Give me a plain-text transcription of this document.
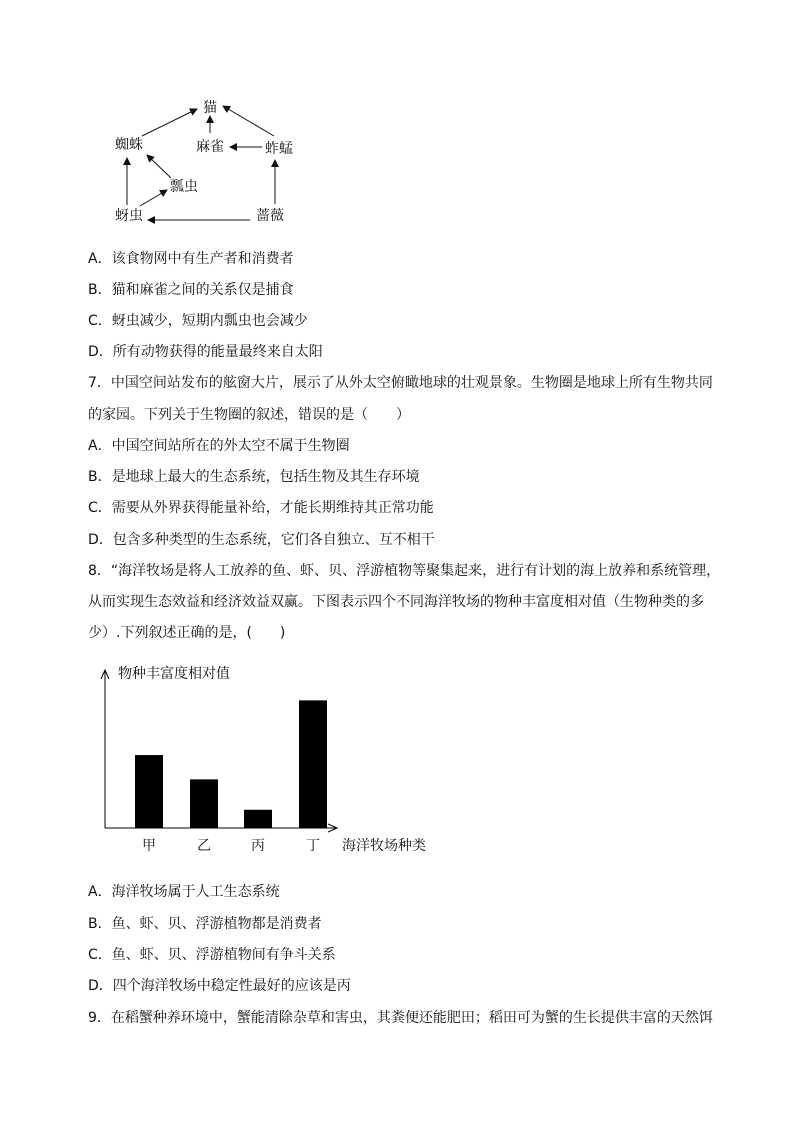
猫
蜘蛛	麻雀	蚱蜢
瓢虫
蚜虫	蔷薇
A．该食物网中有生产者和消费者
B．猫和麻雀之间的关系仅是捕食
C．蚜虫减少，短期内瓢虫也会减少
D．所有动物获得的能量最终来自太阳
7．中国空间站发布的舷窗大片，展示了从外太空俯瞰地球的壮观景象。生物圈是地球上所有生物共同
的家园。下列关于生物圈的叙述，错误的是（　　）
A．中国空间站所在的外太空不属于生物圈
B．是地球上最大的生态系统，包括生物及其生存环境
C．需要从外界获得能量补给，才能长期维持其正常功能
D．包含多种类型的生态系统，它们各自独立、互不相干
8．“海洋牧场是将人工放养的鱼、虾、贝、浮游植物等聚集起来，进行有计划的海上放养和系统管理，
从而实现生态效益和经济效益双赢。下图表示四个不同海洋牧场的物种丰富度相对值（生物种类的多
少）.下列叙述正确的是，(　　)
物种丰富度相对值
海洋牧场种类
甲	乙	丙	丁
A．海洋牧场属于人工生态系统
B．鱼、虾、贝、浮游植物都是消费者
C．鱼、虾、贝、浮游植物间有争斗关系
D．四个海洋牧场中稳定性最好的应该是丙
9．在稻蟹种养环境中，蟹能清除杂草和害虫，其粪便还能肥田；稻田可为蟹的生长提供丰富的天然饵
